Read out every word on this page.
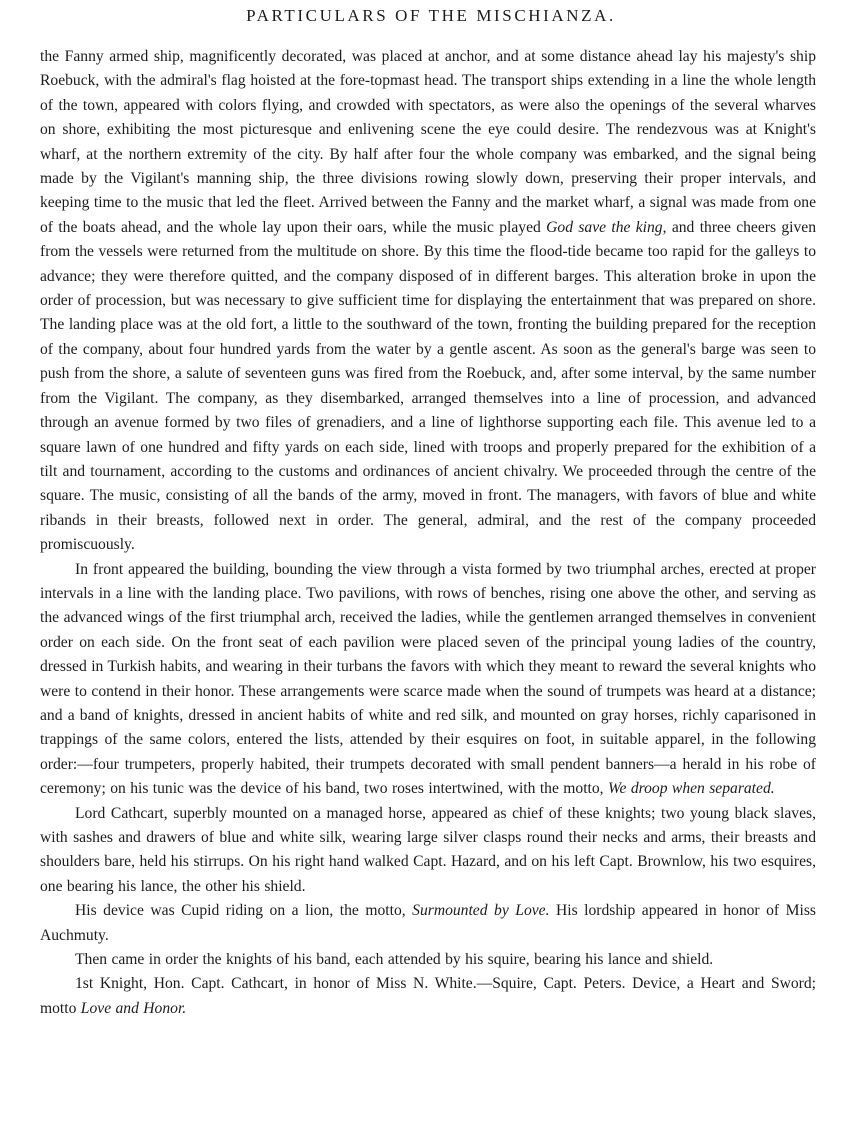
PARTICULARS OF THE MISCHIANZA.

the Fanny armed ship, magnificently decorated, was placed at anchor, and at some distance ahead lay his majesty's ship Roebuck, with the admiral's flag hoisted at the fore-topmast head. The transport ships extending in a line the whole length of the town, appeared with colors flying, and crowded with spectators, as were also the openings of the several wharves on shore, exhibiting the most picturesque and enlivening scene the eye could desire. The rendezvous was at Knight's wharf, at the northern extremity of the city. By half after four the whole company was embarked, and the signal being made by the Vigilant's manning ship, the three divisions rowing slowly down, preserving their proper intervals, and keeping time to the music that led the fleet. Arrived between the Fanny and the market wharf, a signal was made from one of the boats ahead, and the whole lay upon their oars, while the music played God save the king, and three cheers given from the vessels were returned from the multitude on shore. By this time the flood-tide became too rapid for the galleys to advance; they were therefore quitted, and the company disposed of in different barges. This alteration broke in upon the order of procession, but was necessary to give sufficient time for displaying the entertainment that was prepared on shore. The landing place was at the old fort, a little to the southward of the town, fronting the building prepared for the reception of the company, about four hundred yards from the water by a gentle ascent. As soon as the general's barge was seen to push from the shore, a salute of seventeen guns was fired from the Roebuck, and, after some interval, by the same number from the Vigilant. The company, as they disembarked, arranged themselves into a line of procession, and advanced through an avenue formed by two files of grenadiers, and a line of lighthorse supporting each file. This avenue led to a square lawn of one hundred and fifty yards on each side, lined with troops and properly prepared for the exhibition of a tilt and tournament, according to the customs and ordinances of ancient chivalry. We proceeded through the centre of the square. The music, consisting of all the bands of the army, moved in front. The managers, with favors of blue and white ribands in their breasts, followed next in order. The general, admiral, and the rest of the company proceeded promiscuously.

In front appeared the building, bounding the view through a vista formed by two triumphal arches, erected at proper intervals in a line with the landing place. Two pavilions, with rows of benches, rising one above the other, and serving as the advanced wings of the first triumphal arch, received the ladies, while the gentlemen arranged themselves in convenient order on each side. On the front seat of each pavilion were placed seven of the principal young ladies of the country, dressed in Turkish habits, and wearing in their turbans the favors with which they meant to reward the several knights who were to contend in their honor. These arrangements were scarce made when the sound of trumpets was heard at a distance; and a band of knights, dressed in ancient habits of white and red silk, and mounted on gray horses, richly caparisoned in trappings of the same colors, entered the lists, attended by their esquires on foot, in suitable apparel, in the following order:—four trumpeters, properly habited, their trumpets decorated with small pendent banners—a herald in his robe of ceremony; on his tunic was the device of his band, two roses intertwined, with the motto, We droop when separated.

Lord Cathcart, superbly mounted on a managed horse, appeared as chief of these knights; two young black slaves, with sashes and drawers of blue and white silk, wearing large silver clasps round their necks and arms, their breasts and shoulders bare, held his stirrups. On his right hand walked Capt. Hazard, and on his left Capt. Brownlow, his two esquires, one bearing his lance, the other his shield.

His device was Cupid riding on a lion, the motto, Surmounted by Love. His lordship appeared in honor of Miss Auchmuty.

Then came in order the knights of his band, each attended by his squire, bearing his lance and shield.

1st Knight, Hon. Capt. Cathcart, in honor of Miss N. White.—Squire, Capt. Peters. Device, a Heart and Sword; motto Love and Honor.
